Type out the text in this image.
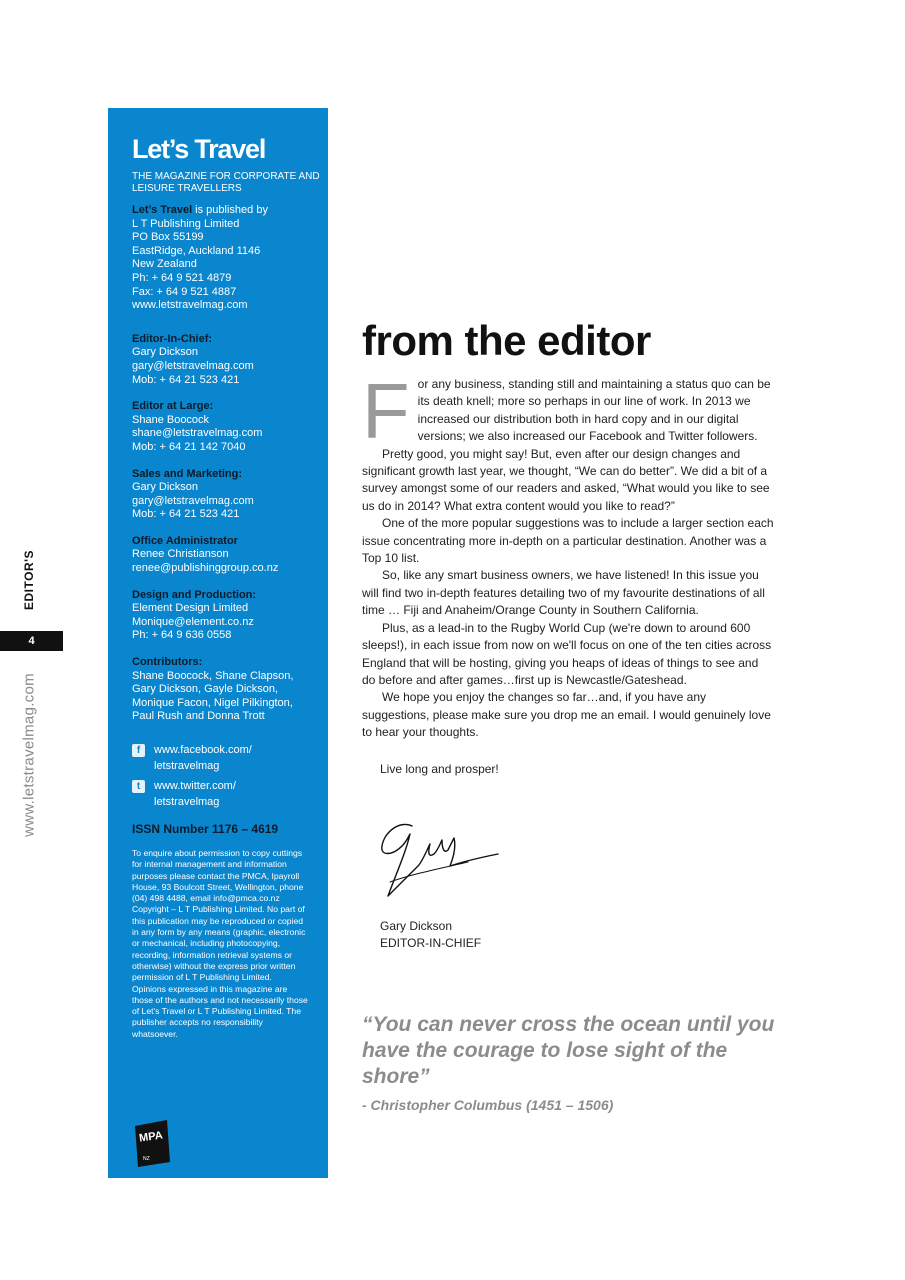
EDITOR'S
4
www.letstravelmag.com
Let’s Travel
THE MAGAZINE FOR CORPORATE AND LEISURE TRAVELLERS
Let’s Travel is published by
L T Publishing Limited
PO Box 55199
EastRidge, Auckland 1146
New Zealand
Ph: + 64 9 521 4879
Fax: + 64 9 521 4887
www.letstravelmag.com
Editor-In-Chief:
Gary Dickson
gary@letstravelmag.com
Mob: + 64 21 523 421
Editor at Large:
Shane Boocock
shane@letstravelmag.com
Mob: + 64 21 142 7040
Sales and Marketing:
Gary Dickson
gary@letstravelmag.com
Mob: + 64 21 523 421
Office Administrator
Renee Christianson
renee@publishinggroup.co.nz
Design and Production:
Element Design Limited
Monique@element.co.nz
Ph: + 64 9 636 0558
Contributors:
Shane Boocock, Shane Clapson,
Gary Dickson, Gayle Dickson,
Monique Facon, Nigel Pilkington,
Paul Rush and Donna Trott
f	www.facebook.com/
letstravelmag
t	www.twitter.com/
letstravelmag
ISSN Number 1176 – 4619
To enquire about permission to copy cuttings for internal management and information purposes please contact the PMCA, Ipayroll House, 93 Boulcott Street, Wellington, phone (04) 498 4488, email info@pmca.co.nz Copyright – L T Publishing Limited. No part of this publication may be reproduced or copied in any form by any means (graphic, electronic or mechanical, including photocopying, recording, information retrieval systems or otherwise) without the express prior written permission of L T Publishing Limited. Opinions expressed in this magazine are those of the authors and not necessarily those of Let's Travel or L T Publishing Limited. The publisher accepts no responsibility whatsoever.
MPA
NZ
from the editor
F or any business, standing still and maintaining a status quo can be its death knell; more so perhaps in our line of work. In 2013 we increased our distribution both in hard copy and in our digital versions; we also increased our Facebook and Twitter followers.

Pretty good, you might say! But, even after our design changes and significant growth last year, we thought, “We can do better”. We did a bit of a survey amongst some of our readers and asked, “What would you like to see us do in 2014? What extra content would you like to read?”

One of the more popular suggestions was to include a larger section each issue concentrating more in-depth on a particular destination. Another was a Top 10 list.

So, like any smart business owners, we have listened! In this issue you will find two in-depth features detailing two of my favourite destinations of all time … Fiji and Anaheim/Orange County in Southern California.

Plus, as a lead-in to the Rugby World Cup (we're down to around 600 sleeps!), in each issue from now on we'll focus on one of the ten cities across England that will be hosting, giving you heaps of ideas of things to see and do before and after games…first up is Newcastle/Gateshead.

We hope you enjoy the changes so far…and, if you have any suggestions, please make sure you drop me an email. I would genuinely love to hear your thoughts.

Live long and prosper!
Gary Dickson
EDITOR-IN-CHIEF
“You can never cross the ocean until you have the courage to lose sight of the shore”
- Christopher Columbus (1451 – 1506)
